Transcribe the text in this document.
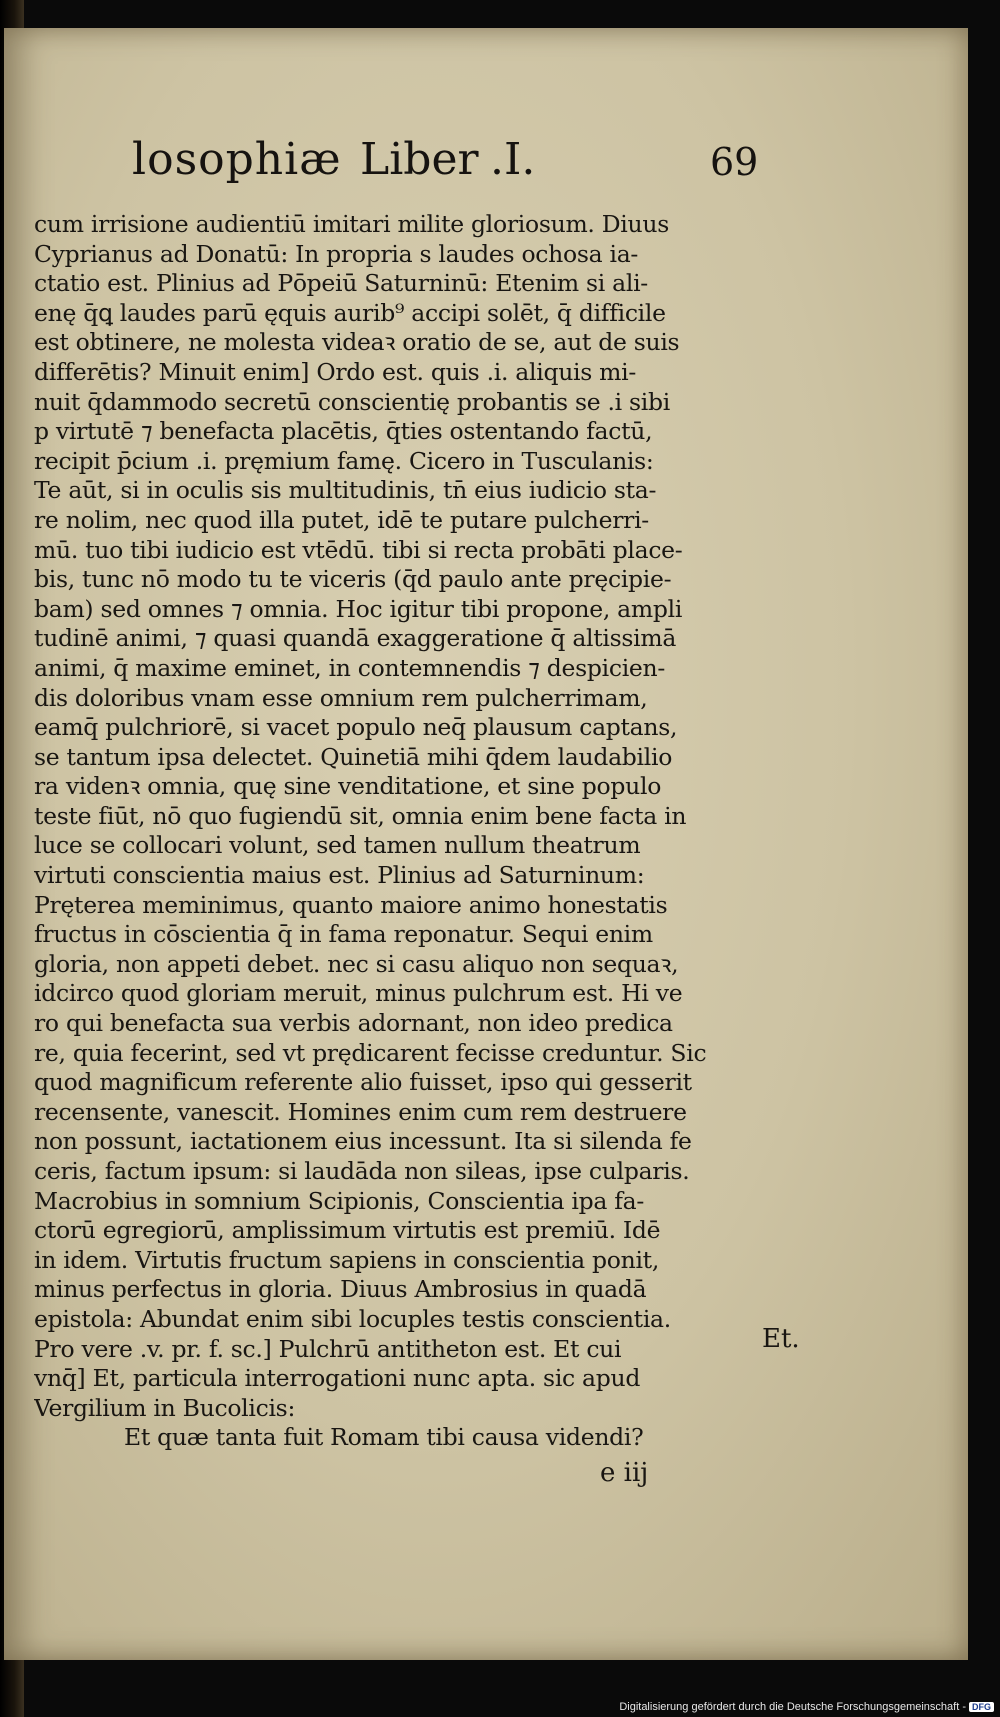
losophiæ Liber .I.	69
cum irrisione audientiū imitari milite gloriosum. Diuus
Cyprianus ad Donatū: In propria s laudes ochosa ia-
ctatio est. Plinius ad Pōpeiū Saturninū: Etenim si ali-
enę q̄ꝗ laudes parū ęquis aurib⁹ accipi solēt, q̄ difficile
est obtinere, ne molesta videaꝛ oratio de se, aut de suis
differētis? Minuit enim] Ordo est. quis .i. aliquis mi-
nuit q̄dammodo secretū conscientię probantis se .i sibi
p virtutē ⁊ benefacta placētis, q̄ties ostentando factū,
recipit p̄cium .i. pręmium famę. Cicero in Tusculanis:
Te aūt, si in oculis sis multitudinis, tn̄ eius iudicio sta-
re nolim, nec quod illa putet, idē te putare pulcherri-
mū. tuo tibi iudicio est vtēdū. tibi si recta probāti place-
bis, tunc nō modo tu te viceris (q̄d paulo ante pręcipie-
bam) sed omnes ⁊ omnia. Hoc igitur tibi propone, ampli
tudinē animi, ⁊ quasi quandā exaggeratione q̄ altissimā
animi, q̄ maxime eminet, in contemnendis ⁊ despicien-
dis doloribus vnam esse omnium rem pulcherrimam,
eamq̄ pulchriorē, si vacet populo neq̄ plausum captans,
se tantum ipsa delectet. Quinetiā mihi q̄dem laudabilio
ra videnꝛ omnia, quę sine venditatione, et sine populo
teste fiūt, nō quo fugiendū sit, omnia enim bene facta in
luce se collocari volunt, sed tamen nullum theatrum
virtuti conscientia maius est. Plinius ad Saturninum:
Pręterea meminimus, quanto maiore animo honestatis
fructus in cōscientia q̄ in fama reponatur. Sequi enim
gloria, non appeti debet. nec si casu aliquo non sequaꝛ,
idcirco quod gloriam meruit, minus pulchrum est. Hi ve
ro qui benefacta sua verbis adornant, non ideo predica
re, quia fecerint, sed vt prędicarent fecisse creduntur. Sic
quod magnificum referente alio fuisset, ipso qui gesserit
recensente, vanescit. Homines enim cum rem destruere
non possunt, iactationem eius incessunt. Ita si silenda fe
ceris, factum ipsum: si laudāda non sileas, ipse culparis.
Macrobius in somnium Scipionis, Conscientia ipa fa-
ctorū egregiorū, amplissimum virtutis est premiū. Idē
in idem. Virtutis fructum sapiens in conscientia ponit,
minus perfectus in gloria. Diuus Ambrosius in quadā
epistola: Abundat enim sibi locuples testis conscientia.
Pro vere .v. pr. f. sc.] Pulchrū antitheton est. Et cui
vnq̄] Et, particula interrogationi nunc apta. sic apud
Vergilium in Bucolicis:
Et quæ tanta fuit Romam tibi causa videndi?
Et.
e iij
Digitalisierung gefördert durch die Deutsche Forschungsgemeinschaft - DFG
